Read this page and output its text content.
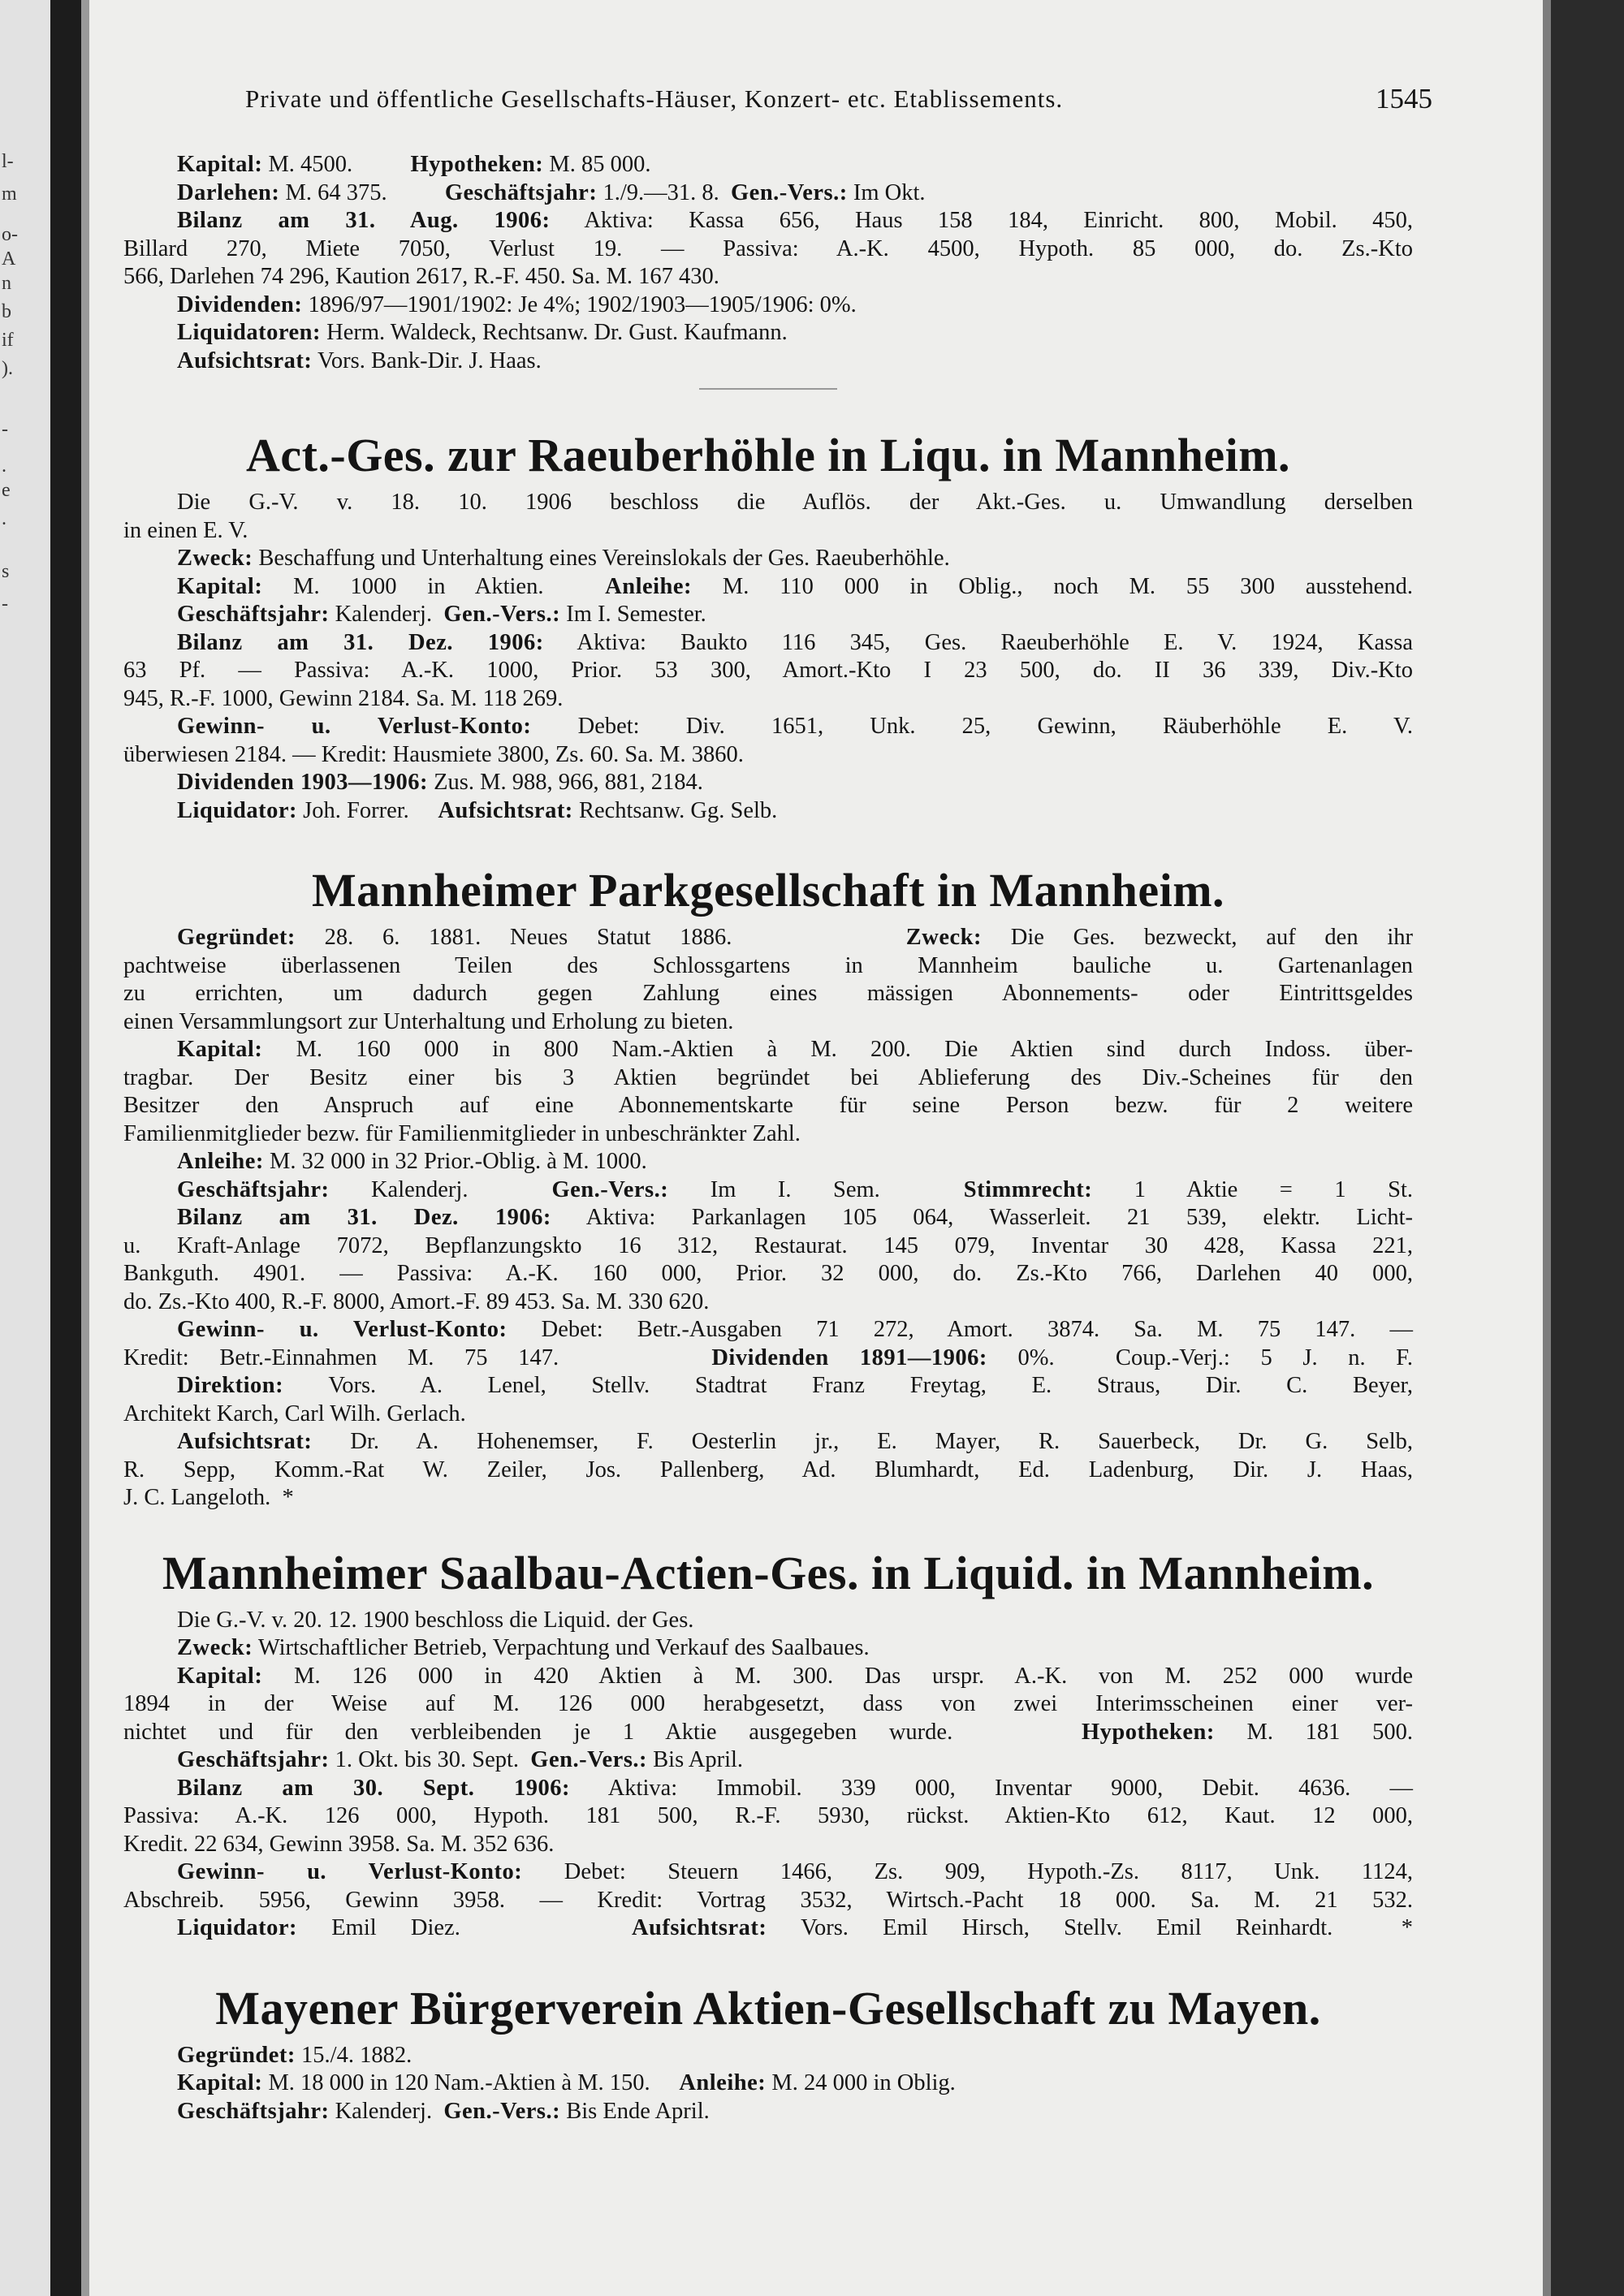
l-
m
o-
A
n
b
if
).
-
.
e
.
s
-
Private und öffentliche Gesellschafts-Häuser, Konzert- etc. Etablissements.	1545

Kapital: M. 4500.          Hypotheken: M. 85 000.

Darlehen: M. 64 375.          Geschäftsjahr: 1./9.—31. 8.  Gen.-Vers.: Im Okt.

Bilanz am 31. Aug. 1906: Aktiva: Kassa 656, Haus 158 184, Einricht. 800, Mobil. 450,

Billard 270, Miete 7050, Verlust 19. — Passiva: A.-K. 4500, Hypoth. 85 000, do. Zs.-Kto

566, Darlehen 74 296, Kaution 2617, R.-F. 450. Sa. M. 167 430.

Dividenden: 1896/97—1901/1902: Je 4%; 1902/1903—1905/1906: 0%.

Liquidatoren: Herm. Waldeck, Rechtsanw. Dr. Gust. Kaufmann.

Aufsichtsrat: Vors. Bank-Dir. J. Haas.

Act.-Ges. zur Raeuberhöhle in Liqu. in Mannheim.

Die G.-V. v. 18. 10. 1906 beschloss die Auflös. der Akt.-Ges. u. Umwandlung derselben

in einen E. V.

Zweck: Beschaffung und Unterhaltung eines Vereinslokals der Ges. Raeuberhöhle.

Kapital: M. 1000 in Aktien.  Anleihe: M. 110 000 in Oblig., noch M. 55 300 ausstehend.

Geschäftsjahr: Kalenderj.  Gen.-Vers.: Im I. Semester.

Bilanz am 31. Dez. 1906: Aktiva: Baukto 116 345, Ges. Raeuberhöhle E. V. 1924, Kassa

63 Pf. — Passiva: A.-K. 1000, Prior. 53 300, Amort.-Kto I 23 500, do. II 36 339, Div.-Kto

945, R.-F. 1000, Gewinn 2184. Sa. M. 118 269.

Gewinn- u. Verlust-Konto: Debet: Div. 1651, Unk. 25, Gewinn, Räuberhöhle E. V.

überwiesen 2184. — Kredit: Hausmiete 3800, Zs. 60. Sa. M. 3860.

Dividenden 1903—1906: Zus. M. 988, 966, 881, 2184.

Liquidator: Joh. Forrer.     Aufsichtsrat: Rechtsanw. Gg. Selb.

Mannheimer Parkgesellschaft in Mannheim.

Gegründet: 28. 6. 1881. Neues Statut 1886.      Zweck: Die Ges. bezweckt, auf den ihr

pachtweise überlassenen Teilen des Schlossgartens in Mannheim bauliche u. Gartenanlagen

zu errichten, um dadurch gegen Zahlung eines mässigen Abonnements- oder Eintrittsgeldes

einen Versammlungsort zur Unterhaltung und Erholung zu bieten.

Kapital: M. 160 000 in 800 Nam.-Aktien à M. 200. Die Aktien sind durch Indoss. über-

tragbar. Der Besitz einer bis 3 Aktien begründet bei Ablieferung des Div.-Scheines für den

Besitzer den Anspruch auf eine Abonnementskarte für seine Person bezw. für 2 weitere

Familienmitglieder bezw. für Familienmitglieder in unbeschränkter Zahl.

Anleihe: M. 32 000 in 32 Prior.-Oblig. à M. 1000.

Geschäftsjahr: Kalenderj.  Gen.-Vers.: Im I. Sem.  Stimmrecht: 1 Aktie = 1 St.

Bilanz am 31. Dez. 1906: Aktiva: Parkanlagen 105 064, Wasserleit. 21 539, elektr. Licht-

u. Kraft-Anlage 7072, Bepflanzungskto 16 312, Restaurat. 145 079, Inventar 30 428, Kassa 221,

Bankguth. 4901. — Passiva: A.-K. 160 000, Prior. 32 000, do. Zs.-Kto 766, Darlehen 40 000,

do. Zs.-Kto 400, R.-F. 8000, Amort.-F. 89 453. Sa. M. 330 620.

Gewinn- u. Verlust-Konto: Debet: Betr.-Ausgaben 71 272, Amort. 3874. Sa. M. 75 147. —

Kredit: Betr.-Einnahmen M. 75 147.     Dividenden 1891—1906: 0%.  Coup.-Verj.: 5 J. n. F.

Direktion: Vors. A. Lenel, Stellv. Stadtrat Franz Freytag, E. Straus, Dir. C. Beyer,

Architekt Karch, Carl Wilh. Gerlach.

Aufsichtsrat: Dr. A. Hohenemser, F. Oesterlin jr., E. Mayer, R. Sauerbeck, Dr. G. Selb,

R. Sepp, Komm.-Rat W. Zeiler, Jos. Pallenberg, Ad. Blumhardt, Ed. Ladenburg, Dir. J. Haas,

J. C. Langeloth.  *

Mannheimer Saalbau-Actien-Ges. in Liquid. in Mannheim.

Die G.-V. v. 20. 12. 1900 beschloss die Liquid. der Ges.

Zweck: Wirtschaftlicher Betrieb, Verpachtung und Verkauf des Saalbaues.

Kapital: M. 126 000 in 420 Aktien à M. 300. Das urspr. A.-K. von M. 252 000 wurde

1894 in der Weise auf M. 126 000 herabgesetzt, dass von zwei Interimsscheinen einer ver-

nichtet und für den verbleibenden je 1 Aktie ausgegeben wurde.    Hypotheken: M. 181 500.

Geschäftsjahr: 1. Okt. bis 30. Sept.  Gen.-Vers.: Bis April.

Bilanz am 30. Sept. 1906: Aktiva: Immobil. 339 000, Inventar 9000, Debit. 4636. —

Passiva: A.-K. 126 000, Hypoth. 181 500, R.-F. 5930, rückst. Aktien-Kto 612, Kaut. 12 000,

Kredit. 22 634, Gewinn 3958. Sa. M. 352 636.

Gewinn- u. Verlust-Konto: Debet: Steuern 1466, Zs. 909, Hypoth.-Zs. 8117, Unk. 1124,

Abschreib. 5956, Gewinn 3958. — Kredit: Vortrag 3532, Wirtsch.-Pacht 18 000. Sa. M. 21 532.

Liquidator: Emil Diez.     Aufsichtsrat: Vors. Emil Hirsch, Stellv. Emil Reinhardt.  *

Mayener Bürgerverein Aktien-Gesellschaft zu Mayen.

Gegründet: 15./4. 1882.

Kapital: M. 18 000 in 120 Nam.-Aktien à M. 150.     Anleihe: M. 24 000 in Oblig.

Geschäftsjahr: Kalenderj.  Gen.-Vers.: Bis Ende April.
